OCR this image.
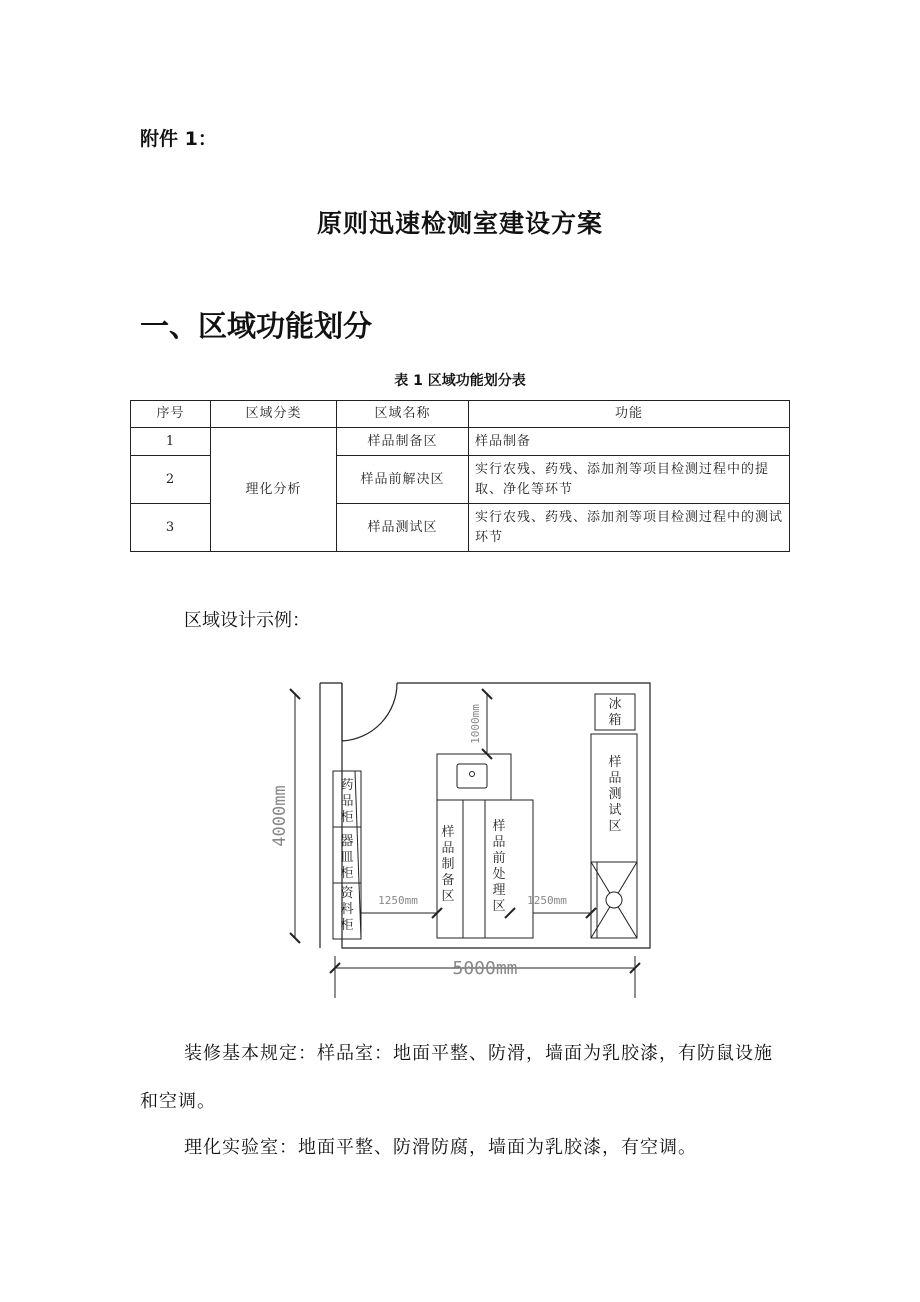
附件 1：
原则迅速检测室建设方案
一、区域功能划分
表 1 区域功能划分表
序号	区域分类	区域名称	功能
1	理化分析	样品制备区	样品制备
2		样品前解决区	实行农残、药残、添加剂等项目检测过程中的提取、净化等环节
3		样品测试区	实行农残、药残、添加剂等项目检测过程中的测试环节
区域设计示例：
药
品
柜
器
皿
柜
资
料
柜
样
品
制
备
区
样
品
前
处
理
区
冰
箱
样
品
测
试
区
4000mm
5000mm
1000mm
1250mm	1250mm
装修基本规定：样品室：地面平整、防滑，墙面为乳胶漆，有防鼠设施和空调。
理化实验室：地面平整、防滑防腐，墙面为乳胶漆，有空调。
